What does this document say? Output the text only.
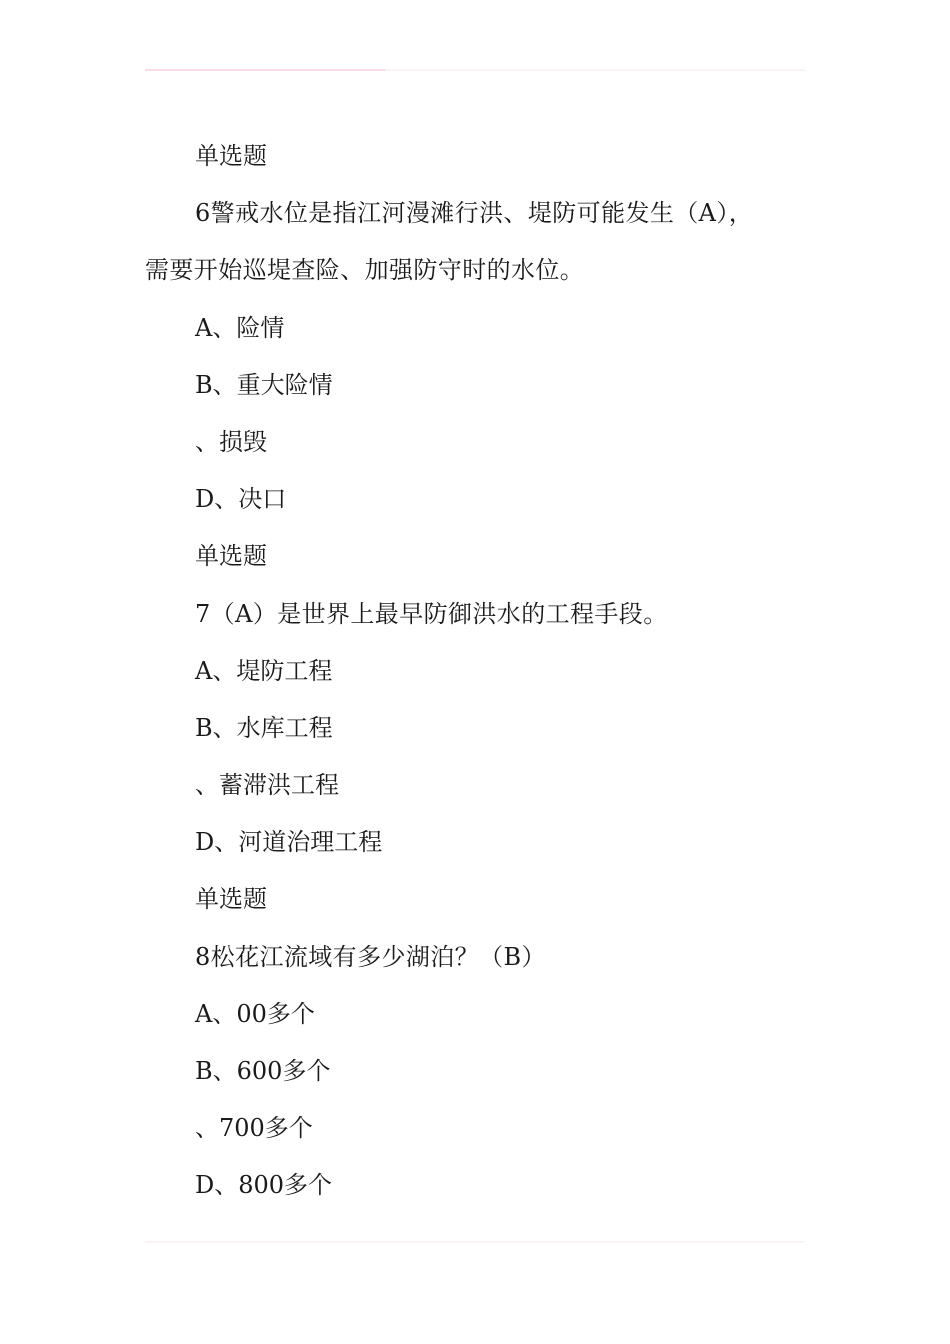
单选题
6警戒水位是指江河漫滩行洪、堤防可能发生（A），
需要开始巡堤查险、加强防守时的水位。
A、险情
B、重大险情
、损毁
D、决口
单选题
7（A）是世界上最早防御洪水的工程手段。
A、堤防工程
B、水库工程
、蓄滞洪工程
D、河道治理工程
单选题
8松花江流域有多少湖泊？（B）
A、00多个
B、600多个
、700多个
D、800多个
